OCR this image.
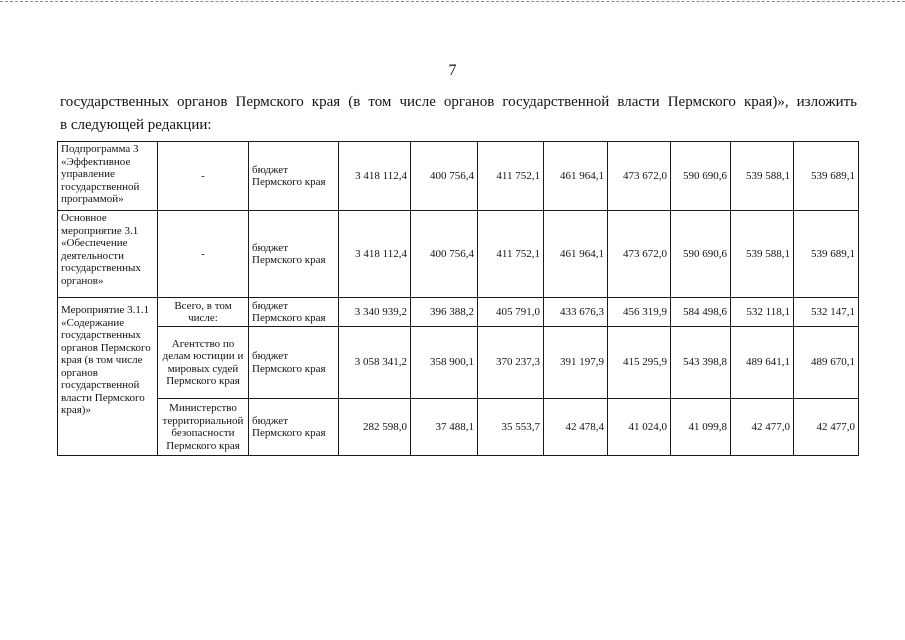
7
государственных органов Пермского края (в том числе органов государственной власти Пермского края)», изложить
в следующей редакции:
Подпрограмма 3 «Эффективное управление государственной программой»	-	бюджет Пермского края	3 418 112,4	400 756,4	411 752,1	461 964,1	473 672,0	590 690,6	539 588,1	539 689,1
Основное мероприятие 3.1 «Обеспечение деятельности государственных органов»	-	бюджет Пермского края	3 418 112,4	400 756,4	411 752,1	461 964,1	473 672,0	590 690,6	539 588,1	539 689,1
Мероприятие 3.1.1 «Содержание государственных органов Пермского края (в том числе органов государственной власти Пермского края)»	Всего, в том числе:	бюджет Пермского края	3 340 939,2	396 388,2	405 791,0	433 676,3	456 319,9	584 498,6	532 118,1	532 147,1
	Агентство по делам юстиции и мировых судей Пермского края	бюджет Пермского края	3 058 341,2	358 900,1	370 237,3	391 197,9	415 295,9	543 398,8	489 641,1	489 670,1
	Министерство территориальной безопасности Пермского края	бюджет Пермского края	282 598,0	37 488,1	35 553,7	42 478,4	41 024,0	41 099,8	42 477,0	42 477,0
